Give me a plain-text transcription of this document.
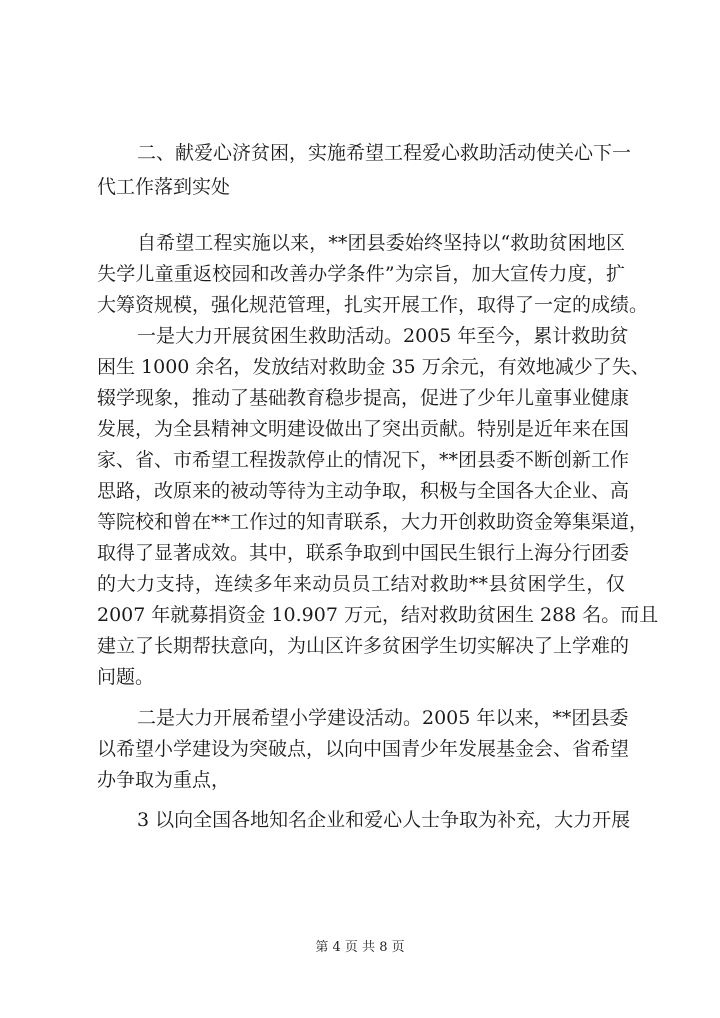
二、献爱心济贫困，实施希望工程爱心救助活动使关心下一
代工作落到实处
自希望工程实施以来，**团县委始终坚持以“救助贫困地区
失学儿童重返校园和改善办学条件”为宗旨，加大宣传力度，扩
大筹资规模，强化规范管理，扎实开展工作，取得了一定的成绩。
一是大力开展贫困生救助活动。2005 年至今，累计救助贫
困生 1000 余名，发放结对救助金 35 万余元，有效地减少了失、
辍学现象，推动了基础教育稳步提高，促进了少年儿童事业健康
发展，为全县精神文明建设做出了突出贡献。特别是近年来在国
家、省、市希望工程拨款停止的情况下，**团县委不断创新工作
思路，改原来的被动等待为主动争取，积极与全国各大企业、高
等院校和曾在**工作过的知青联系，大力开创救助资金筹集渠道，
取得了显著成效。其中，联系争取到中国民生银行上海分行团委
的大力支持，连续多年来动员员工结对救助**县贫困学生，仅
2007 年就募捐资金 10.907 万元，结对救助贫困生 288 名。而且
建立了长期帮扶意向，为山区许多贫困学生切实解决了上学难的
问题。
二是大力开展希望小学建设活动。2005 年以来，**团县委
以希望小学建设为突破点，以向中国青少年发展基金会、省希望
办争取为重点，
3 以向全国各地知名企业和爱心人士争取为补充，大力开展
第 4 页 共 8 页
